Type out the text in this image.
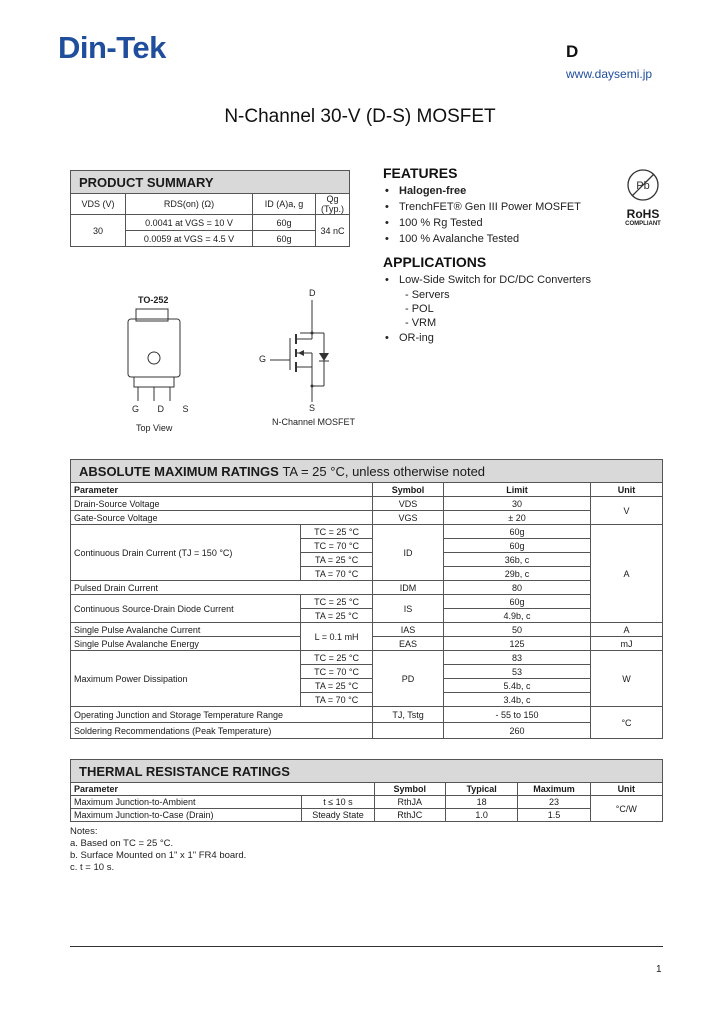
Din-Tek	D
www.daysemi.jp
N-Channel 30-V (D-S) MOSFET
PRODUCT SUMMARY			
VDS (V)	RDS(on) (Ω)	ID (A)a, g	Qg (Typ.)
30	0.0041 at VGS = 10 V	60g	34 nC
	0.0059 at VGS = 4.5 V	60g	
FEATURES
• Halogen-free
• TrenchFET® Gen III Power MOSFET
• 100 % Rg Tested
• 100 % Avalanche Tested
Pb
RoHS
COMPLIANT
APPLICATIONS
• Low-Side Switch for DC/DC Converters
- Servers
- POL
- VRM
• OR-ing
TO-252
G D S
Top View
D
G
S
N-Channel MOSFET
ABSOLUTE MAXIMUM RATINGS TA = 25 °C, unless otherwise noted				
Parameter		Symbol	Limit	Unit
Drain-Source Voltage		VDS	30	V
Gate-Source Voltage		VGS	± 20	
Continuous Drain Current (TJ = 150 °C)	TC = 25 °C	ID	60g	A
	TC = 70 °C		60g	
	TA = 25 °C		36b, c	
	TA = 70 °C		29b, c	
Pulsed Drain Current		IDM	80	
Continuous Source-Drain Diode Current	TC = 25 °C	IS	60g	
	TA = 25 °C		4.9b, c	
Single Pulse Avalanche Current	L = 0.1 mH	IAS	50	A
Single Pulse Avalanche Energy		EAS	125	mJ
Maximum Power Dissipation	TC = 25 °C	PD	83	W
	TC = 70 °C		53	
	TA = 25 °C		5.4b, c	
	TA = 70 °C		3.4b, c	
Operating Junction and Storage Temperature Range		TJ, Tstg	- 55 to 150	°C
Soldering Recommendations (Peak Temperature)			260	
THERMAL RESISTANCE RATINGS					
Parameter		Symbol	Typical	Maximum	Unit
Maximum Junction-to-Ambient	t ≤ 10 s	RthJA	18	23	°C/W
Maximum Junction-to-Case (Drain)	Steady State	RthJC	1.0	1.5	
Notes:
a. Based on TC = 25 °C.
b. Surface Mounted on 1" x 1" FR4 board.
c. t = 10 s.
1
